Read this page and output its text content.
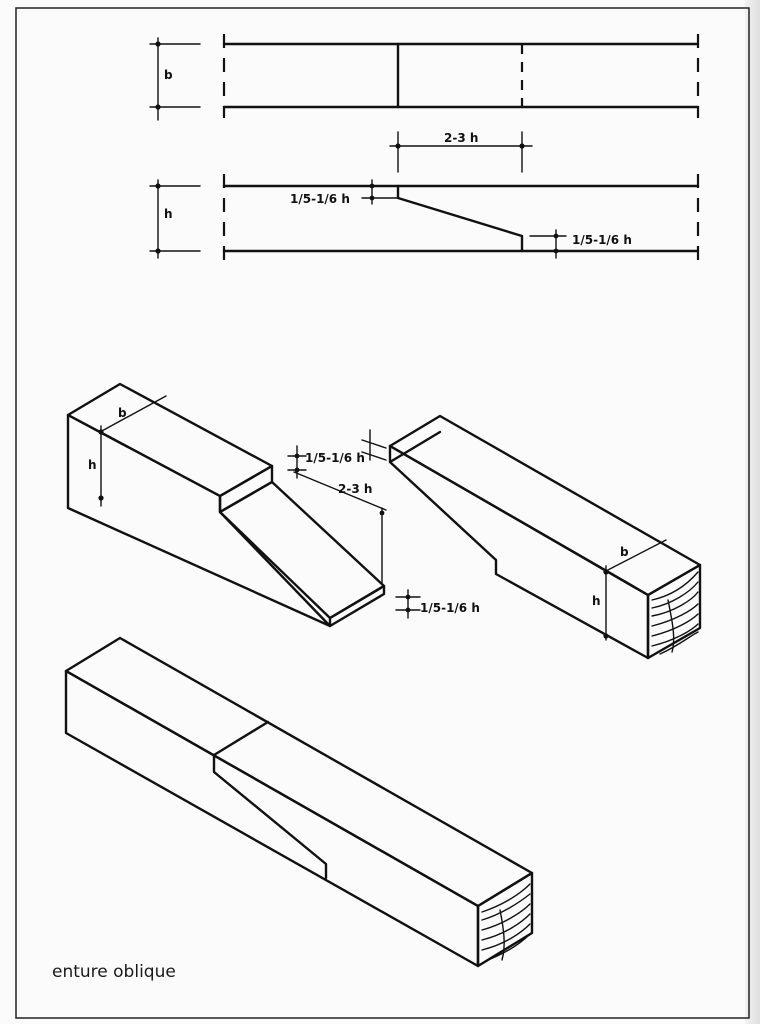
b
2-3 h
h
1/5-1/6 h
1/5-1/6 h
b
h	1/5-1/6 h
2-3 h
1/5-1/6 h
b
h
enture oblique
